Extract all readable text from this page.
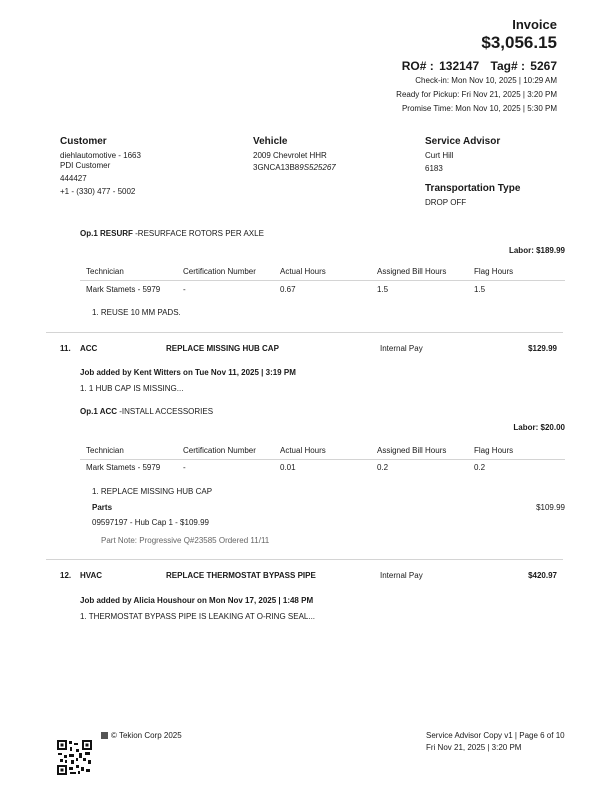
Invoice
$3,056.15
RO# : 132147 Tag# : 5267
Check-in: Mon Nov 10, 2025 | 10:29 AM
Ready for Pickup: Fri Nov 21, 2025 | 3:20 PM
Promise Time: Mon Nov 10, 2025 | 5:30 PM
Customer
diehlautomotive - 1663
PDI Customer
444427
+1 - (330) 477 - 5002
Vehicle
2009 Chevrolet HHR
3GNCA13B89S525267
Service Advisor
Curt Hill
6183
Transportation Type
DROP OFF
Op.1 RESURF -RESURFACE ROTORS PER AXLE
Labor: $189.99
Technician	Certification Number	Actual Hours	Assigned Bill Hours	Flag Hours
Mark Stamets - 5979	-	0.67	1.5	1.5
1. REUSE 10 MM PADS.
11. ACC	REPLACE MISSING HUB CAP	Internal Pay	$129.99
Job added by Kent Witters on Tue Nov 11, 2025 | 3:19 PM
1. 1 HUB CAP IS MISSING...
Op.1 ACC -INSTALL ACCESSORIES
Labor: $20.00
Technician	Certification Number	Actual Hours	Assigned Bill Hours	Flag Hours
Mark Stamets - 5979	-	0.01	0.2	0.2
1. REPLACE MISSING HUB CAP
Parts	$109.99
09597197 - Hub Cap 1 - $109.99
Part Note: Progressive Q#23585 Ordered 11/11
12. HVAC	REPLACE THERMOSTAT BYPASS PIPE	Internal Pay	$420.97
Job added by Alicia Houshour on Mon Nov 17, 2025 | 1:48 PM
1. THERMOSTAT BYPASS PIPE IS LEAKING AT O-RING SEAL...
© Tekion Corp 2025	Service Advisor Copy v1 | Page 6 of 10
Fri Nov 21, 2025 | 3:20 PM
